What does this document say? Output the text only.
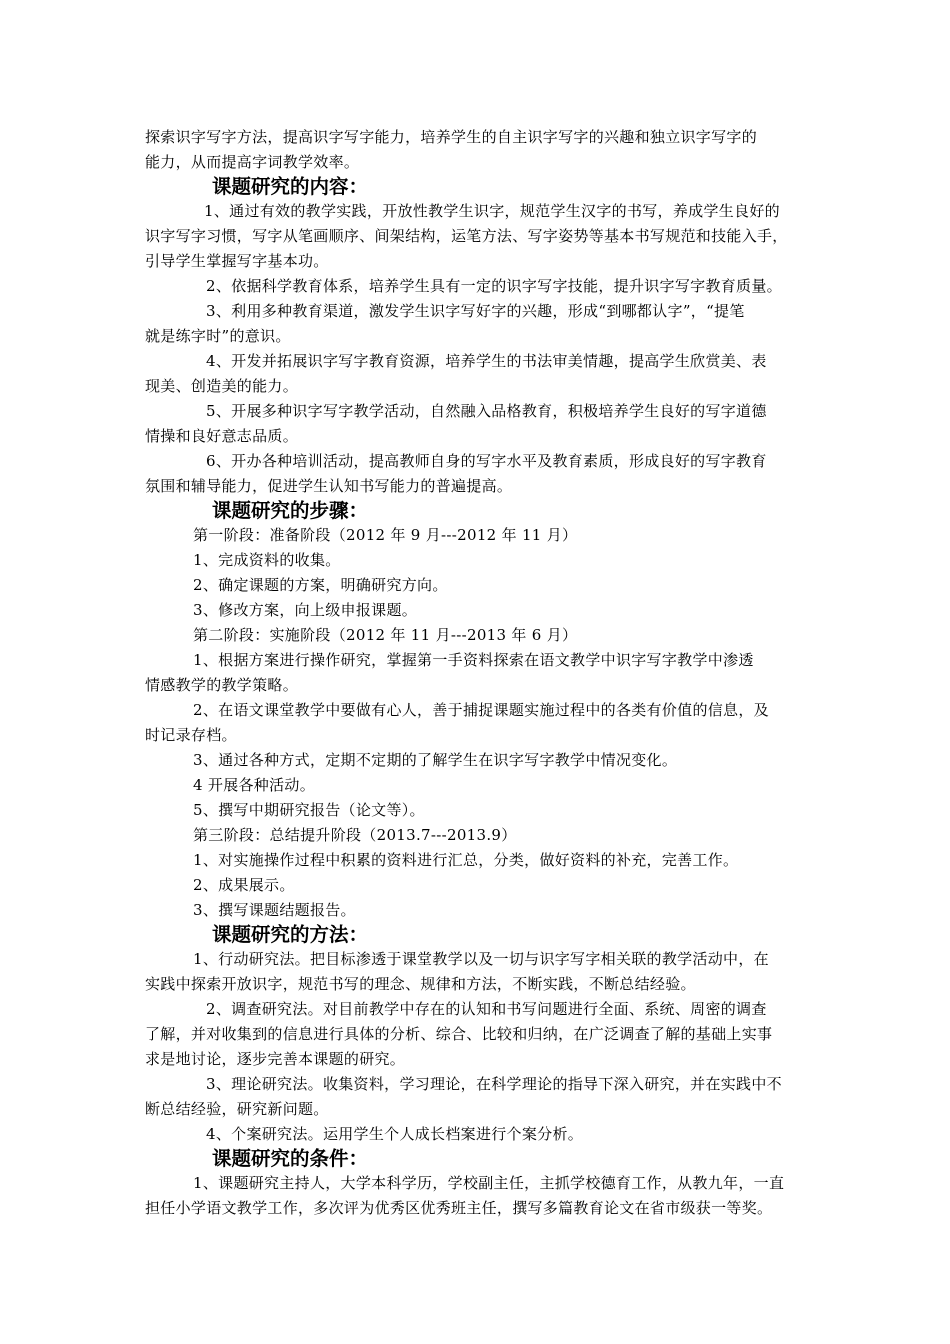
探索识字写字方法，提高识字写字能力，培养学生的自主识字写字的兴趣和独立识字写字的
能力，从而提高字词教学效率。
课题研究的内容：
1、通过有效的教学实践，开放性教学生识字，规范学生汉字的书写，养成学生良好的
识字写字习惯，写字从笔画顺序、间架结构，运笔方法、写字姿势等基本书写规范和技能入手，
引导学生掌握写字基本功。
2、依据科学教育体系，培养学生具有一定的识字写字技能，提升识字写字教育质量。
3、利用多种教育渠道，激发学生识字写好字的兴趣，形成“到哪都认字”，“提笔
就是练字时”的意识。
4、开发并拓展识字写字教育资源，培养学生的书法审美情趣，提高学生欣赏美、表
现美、创造美的能力。
5、开展多种识字写字教学活动，自然融入品格教育，积极培养学生良好的写字道德
情操和良好意志品质。
6、开办各种培训活动，提高教师自身的写字水平及教育素质，形成良好的写字教育
氛围和辅导能力，促进学生认知书写能力的普遍提高。
课题研究的步骤：
第一阶段：准备阶段（2012 年 9 月---2012 年 11 月）
1、完成资料的收集。
2、确定课题的方案，明确研究方向。
3、修改方案，向上级申报课题。
第二阶段：实施阶段（2012 年 11 月---2013 年 6 月）
1、根据方案进行操作研究，掌握第一手资料探索在语文教学中识字写字教学中渗透
情感教学的教学策略。
2、在语文课堂教学中要做有心人，善于捕捉课题实施过程中的各类有价值的信息，及
时记录存档。
3、通过各种方式，定期不定期的了解学生在识字写字教学中情况变化。
4 开展各种活动。
5、撰写中期研究报告（论文等）。
第三阶段：总结提升阶段（2013.7---2013.9）
1、对实施操作过程中积累的资料进行汇总，分类，做好资料的补充，完善工作。
2、成果展示。
3、撰写课题结题报告。
课题研究的方法：
1、行动研究法。把目标渗透于课堂教学以及一切与识字写字相关联的教学活动中，在
实践中探索开放识字，规范书写的理念、规律和方法，不断实践，不断总结经验。
2、调查研究法。对目前教学中存在的认知和书写问题进行全面、系统、周密的调查
了解，并对收集到的信息进行具体的分析、综合、比较和归纳，在广泛调查了解的基础上实事
求是地讨论，逐步完善本课题的研究。
3、理论研究法。收集资料，学习理论，在科学理论的指导下深入研究，并在实践中不
断总结经验，研究新问题。
4、个案研究法。运用学生个人成长档案进行个案分析。
课题研究的条件：
1、课题研究主持人，大学本科学历，学校副主任，主抓学校德育工作，从教九年，一直
担任小学语文教学工作，多次评为优秀区优秀班主任，撰写多篇教育论文在省市级获一等奖。
